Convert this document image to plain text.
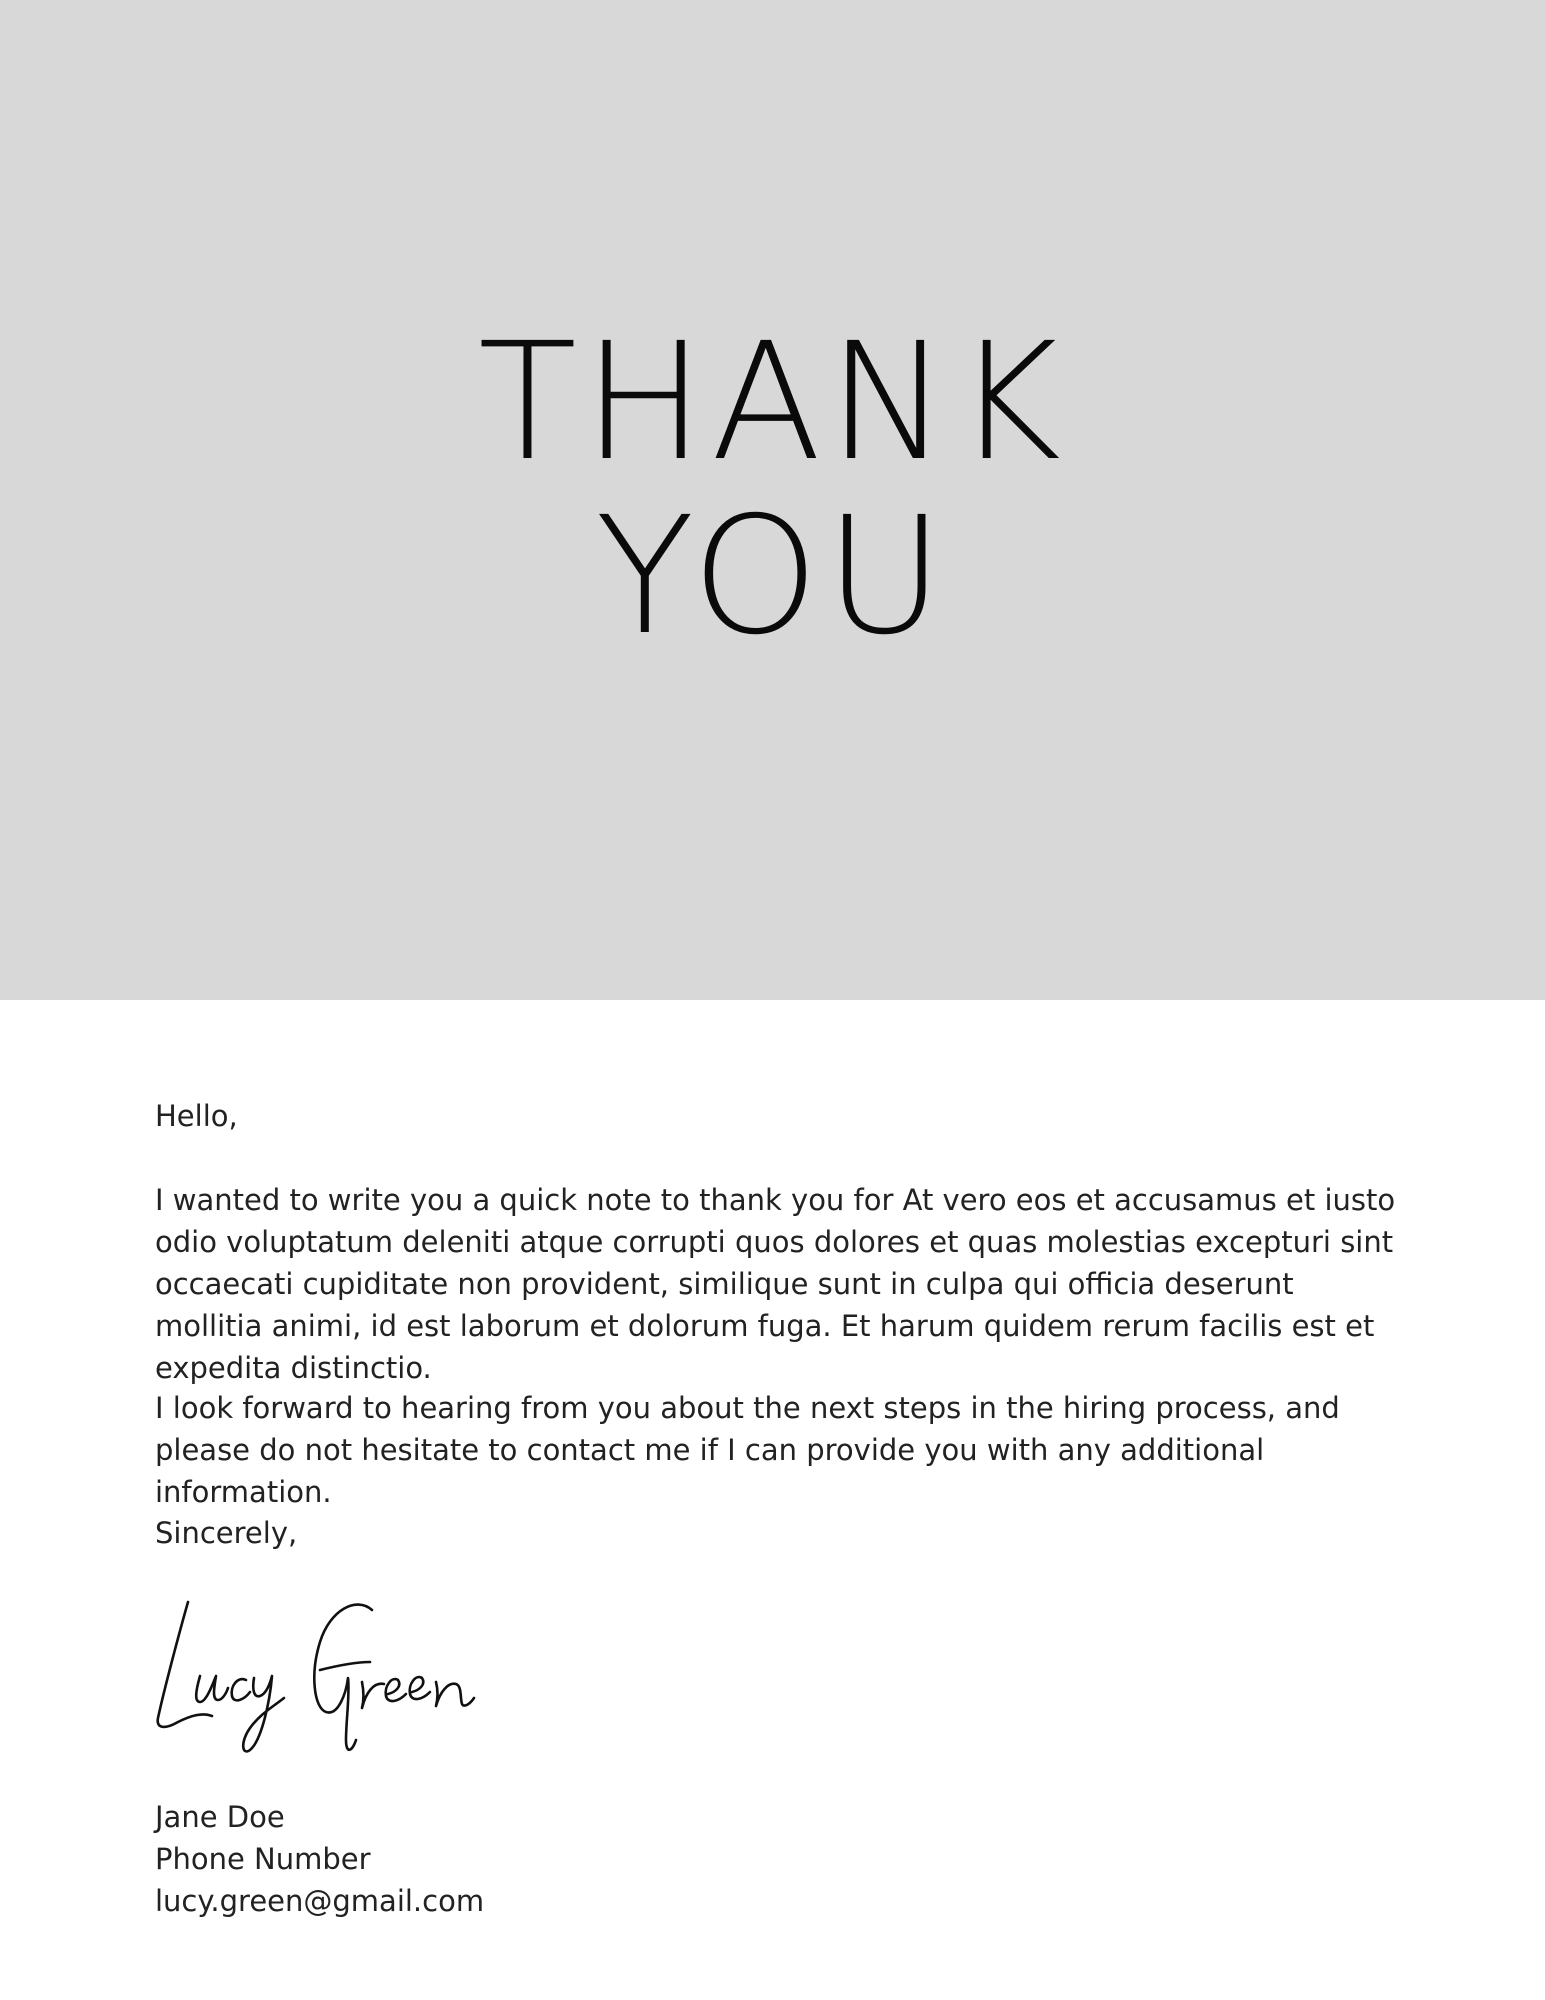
THANK
YOU

Hello,

I wanted to write you a quick note to thank you for At vero eos et accusamus et iusto odio voluptatum deleniti atque corrupti quos dolores et quas molestias excepturi sint occaecati cupiditate non provident, similique sunt in culpa qui officia deserunt mollitia animi, id est laborum et dolorum fuga. Et harum quidem rerum facilis est et expedita distinctio.

I look forward to hearing from you about the next steps in the hiring process, and please do not hesitate to contact me if I can provide you with any additional information.

Sincerely,

Jane Doe
Phone Number
lucy.green@gmail.com
